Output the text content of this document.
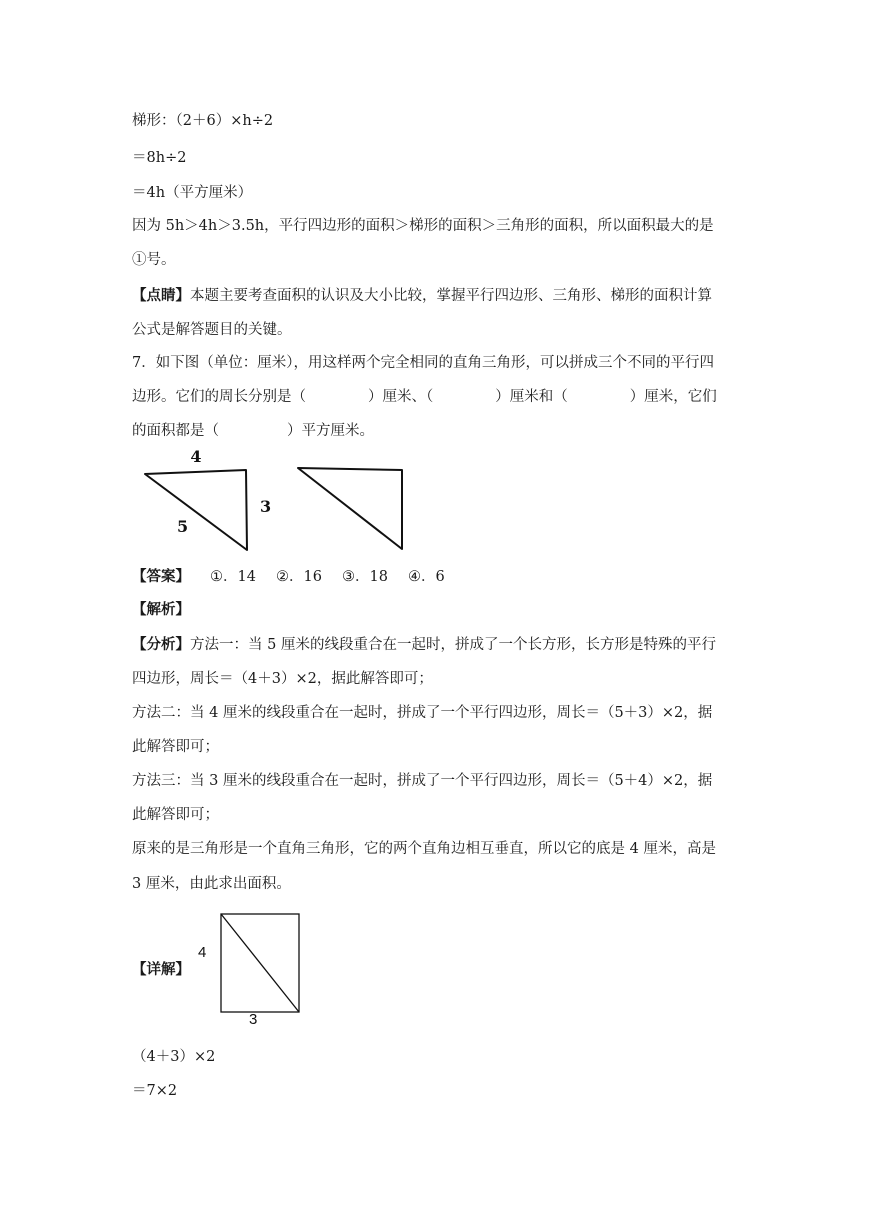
梯形：（2＋6）×h÷2
＝8h÷2
＝4h（平方厘米）
因为 5h＞4h＞3.5h，平行四边形的面积＞梯形的面积＞三角形的面积，所以面积最大的是
①号。
【点睛】本题主要考查面积的认识及大小比较，掌握平行四边形、三角形、梯形的面积计算
公式是解答题目的关键。
7．如下图（单位：厘米），用这样两个完全相同的直角三角形，可以拼成三个不同的平行四
边形。它们的周长分别是（	）厘米、（	）厘米和（	）厘米，它们
的面积都是（	）平方厘米。
4
3
5
【答案】 ①．14 ②．16 ③．18 ④．6
【解析】
【分析】方法一：当 5 厘米的线段重合在一起时，拼成了一个长方形，长方形是特殊的平行
四边形，周长＝（4＋3）×2，据此解答即可；
方法二：当 4 厘米的线段重合在一起时，拼成了一个平行四边形，周长＝（5＋3）×2，据
此解答即可；
方法三：当 3 厘米的线段重合在一起时，拼成了一个平行四边形，周长＝（5＋4）×2，据
此解答即可；
原来的是三角形是一个直角三角形，它的两个直角边相互垂直，所以它的底是 4 厘米，高是
3 厘米，由此求出面积。
【详解】
4
3
（4＋3）×2
＝7×2
